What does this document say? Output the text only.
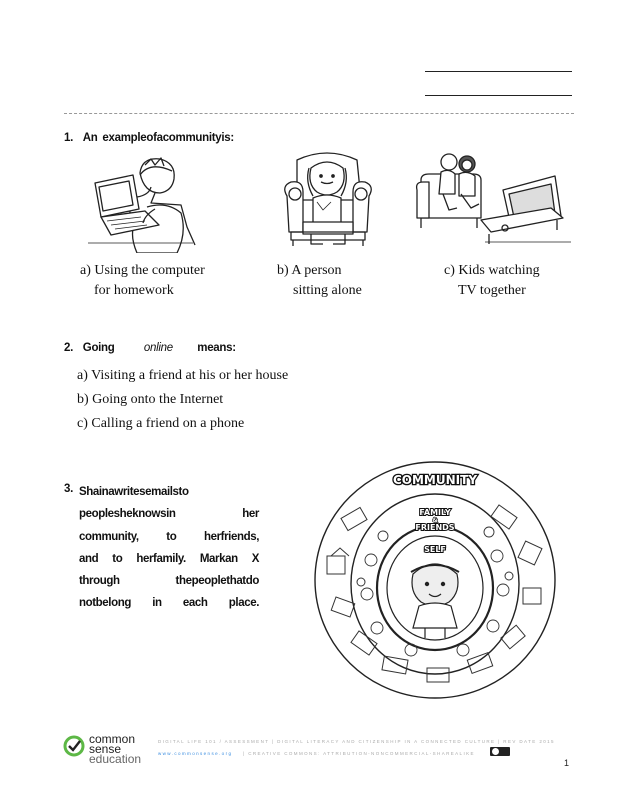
1. An exampleofacommunityis:
a) Using the computer
for homework
b) A person
sitting alone
c) Kids watching
TV together
2. Going	online means:
a) Visiting a friend at his or her house
b) Going onto the Internet
c) Calling a friend on a phone
3. Shainawritesemailsto
peoplesheknowsin her
community, to herfriends,
and to herfamily. Markan X
through thepeoplethatdo
notbelong in each place.
COMMUNITY
FAMILY
&
FRIENDS
SELF
common
sense
education
DIGITAL LIFE 101 / ASSESSMENT | DIGITAL LITERACY AND CITIZENSHIP IN A CONNECTED CULTURE | REV DATE 2015
www.commonsense.org | CREATIVE COMMONS: ATTRIBUTION-NONCOMMERCIAL-SHAREALIKE
1
